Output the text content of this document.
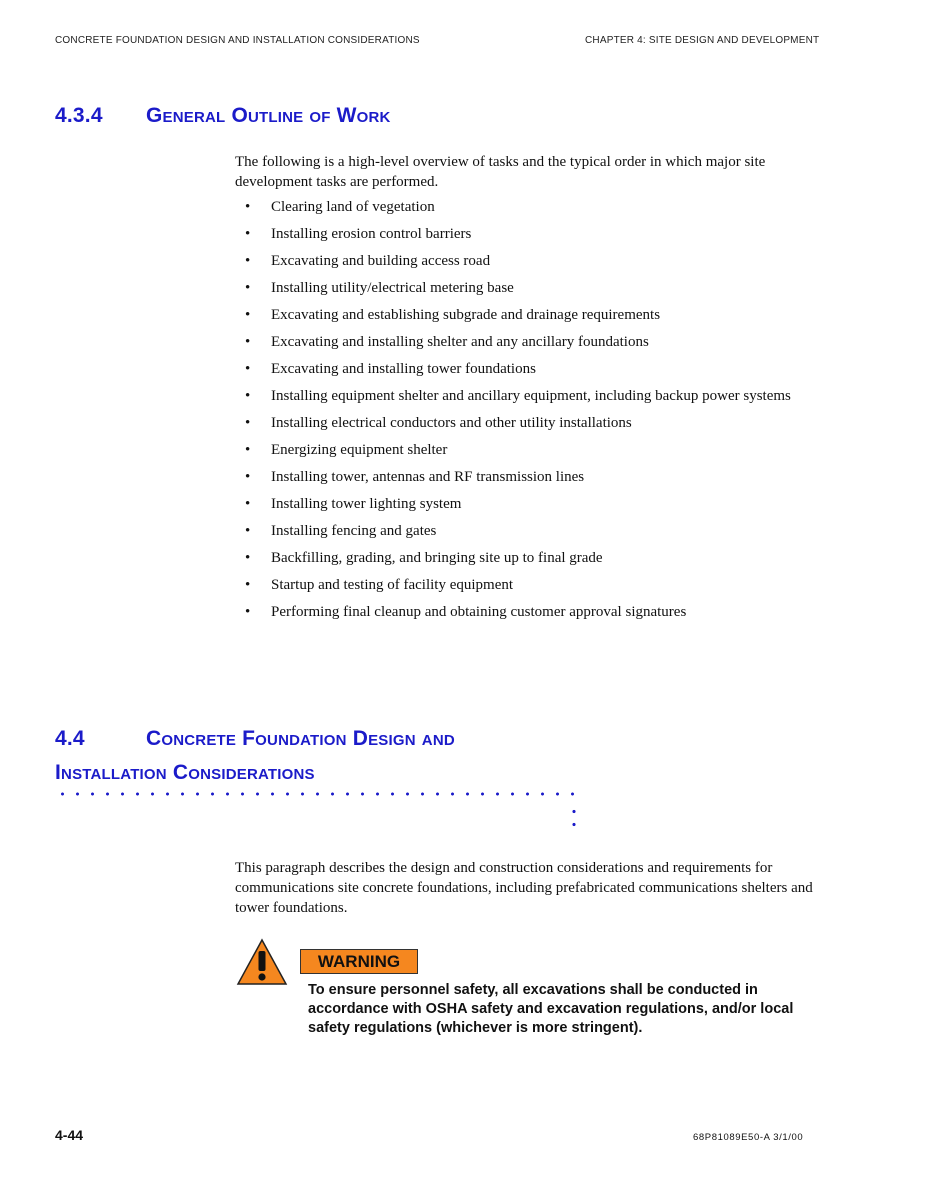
CONCRETE FOUNDATION DESIGN AND INSTALLATION CONSIDERATIONS	CHAPTER 4: SITE DESIGN AND DEVELOPMENT
4.3.4 General Outline of Work
The following is a high-level overview of tasks and the typical order in which major site development tasks are performed.
• Clearing land of vegetation
• Installing erosion control barriers
• Excavating and building access road
• Installing utility/electrical metering base
• Excavating and establishing subgrade and drainage requirements
• Excavating and installing shelter and any ancillary foundations
• Excavating and installing tower foundations
• Installing equipment shelter and ancillary equipment, including backup power systems
• Installing electrical conductors and other utility installations
• Energizing equipment shelter
• Installing tower, antennas and RF transmission lines
• Installing tower lighting system
• Installing fencing and gates
• Backfilling, grading, and bringing site up to final grade
• Startup and testing of facility equipment
• Performing final cleanup and obtaining customer approval signatures
4.4	Concrete Foundation Design and
Installation Considerations
This paragraph describes the design and construction considerations and requirements for communications site concrete foundations, including prefabricated communications shelters and tower foundations.
WARNING
To ensure personnel safety, all excavations shall be conducted in accordance with OSHA safety and excavation regulations, and/or local safety regulations (whichever is more stringent).
4-44	68P81089E50-A 3/1/00
